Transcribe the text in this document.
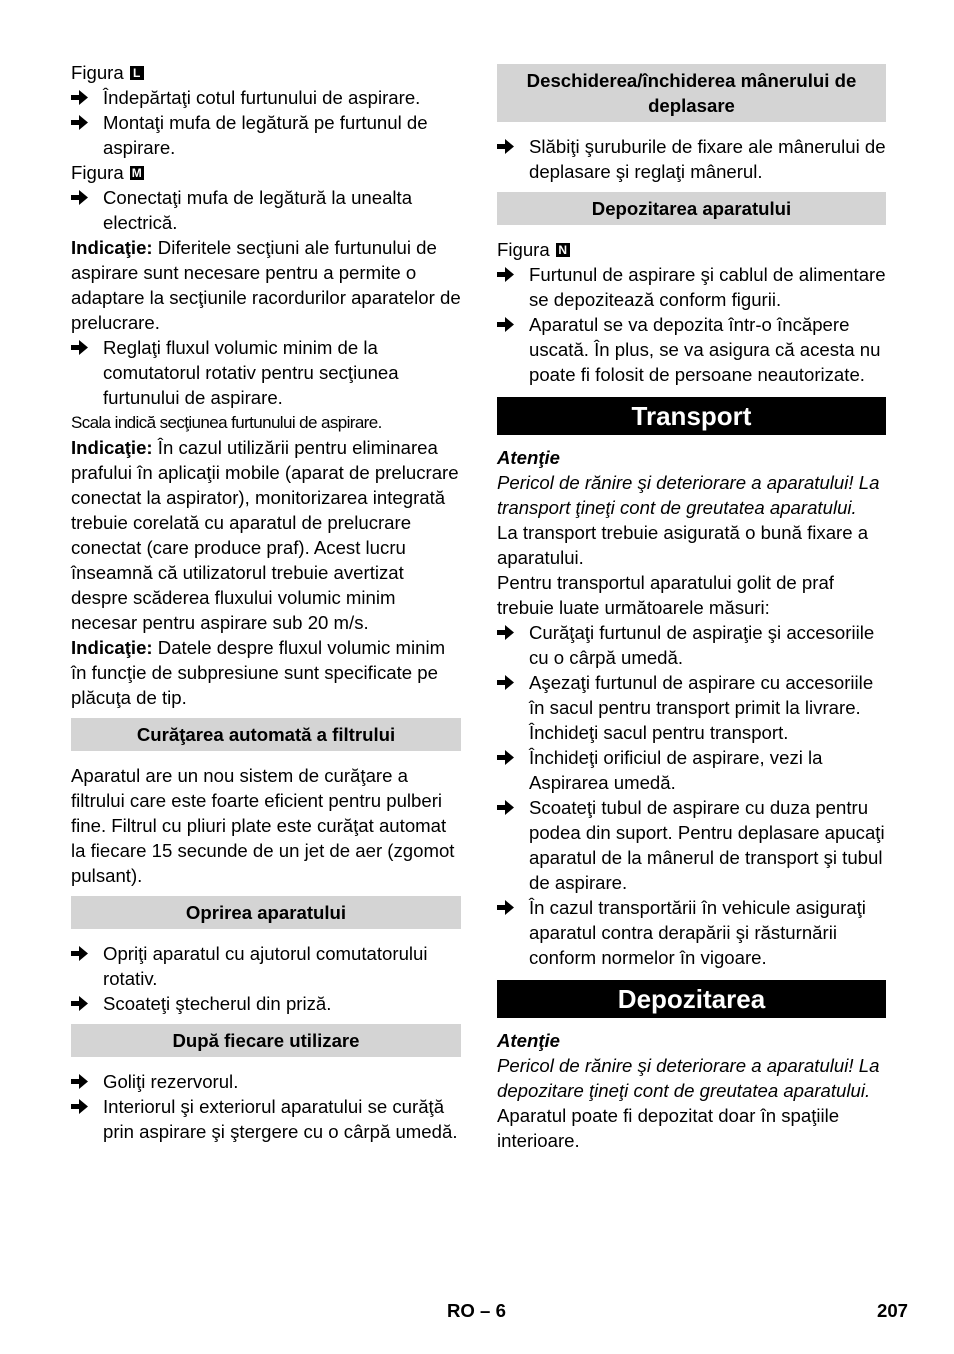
Figura L
Îndepărtaţi cotul furtunului de aspirare.
Montaţi mufa de legătură pe furtunul de aspirare.
Figura M
Conectaţi mufa de legătură la unealta electrică.

Indicaţie: Diferitele secţiuni ale furtunului de aspirare sunt necesare pentru a permite o adaptare la secţiunile racordurilor aparatelor de prelucrare.

Reglaţi fluxul volumic minim de la comutatorul rotativ pentru secţiunea furtunului de aspirare.

Scala indică secţiunea furtunului de aspirare.

Indicaţie: În cazul utilizării pentru eliminarea prafului în aplicaţii mobile (aparat de prelucrare conectat la aspirator), monitorizarea integrată trebuie corelată cu aparatul de prelucrare conectat (care produce praf). Acest lucru înseamnă că utilizatorul trebuie avertizat despre scăderea fluxului volumic minim necesar pentru aspirare sub 20 m/s.

Indicaţie: Datele despre fluxul volumic minim în funcţie de subpresiune sunt specificate pe plăcuţa de tip.

Curăţarea automată a filtrului

Aparatul are un nou sistem de curăţare a filtrului care este foarte eficient pentru pulberi fine. Filtrul cu pliuri plate este curăţat automat la fiecare 15 secunde de un jet de aer (zgomot pulsant).

Oprirea aparatului
Opriţi aparatul cu ajutorul comutatorului rotativ.
Scoateţi ştecherul din priză.
După fiecare utilizare
Goliţi rezervorul.
Interiorul şi exteriorul aparatului se curăţă prin aspirare şi ştergere cu o cârpă umedă.
Deschiderea/închiderea mânerului de deplasare
Slăbiţi şuruburile de fixare ale mânerului de deplasare şi reglaţi mânerul.
Depozitarea aparatului
Figura N
Furtunul de aspirare şi cablul de alimentare se depozitează conform figurii.
Aparatul se va depozita într-o încăpere uscată. În plus, se va asigura că acesta nu poate fi folosit de persoane neautorizate.
Transport

Atenţie

Pericol de rănire şi deteriorare a aparatului! La transport ţineţi cont de greutatea aparatului.

La transport trebuie asigurată o bună fixare a aparatului.

Pentru transportul aparatului golit de praf trebuie luate următoarele măsuri:

Curăţaţi furtunul de aspiraţie şi accesoriile cu o cârpă umedă.
Aşezaţi furtunul de aspirare cu accesoriile în sacul pentru transport primit la livrare. Închideţi sacul pentru transport.
Închideţi orificiul de aspirare, vezi la Aspirarea umedă.
Scoateţi tubul de aspirare cu duza pentru podea din suport. Pentru deplasare apucaţi aparatul de la mânerul de transport şi tubul de aspirare.
În cazul transportării în vehicule asiguraţi aparatul contra derapării şi răsturnării conform normelor în vigoare.
Depozitarea

Atenţie

Pericol de rănire şi deteriorare a aparatului! La depozitare ţineţi cont de greutatea aparatului.

Aparatul poate fi depozitat doar în spaţiile interioare.

RO – 6	207
